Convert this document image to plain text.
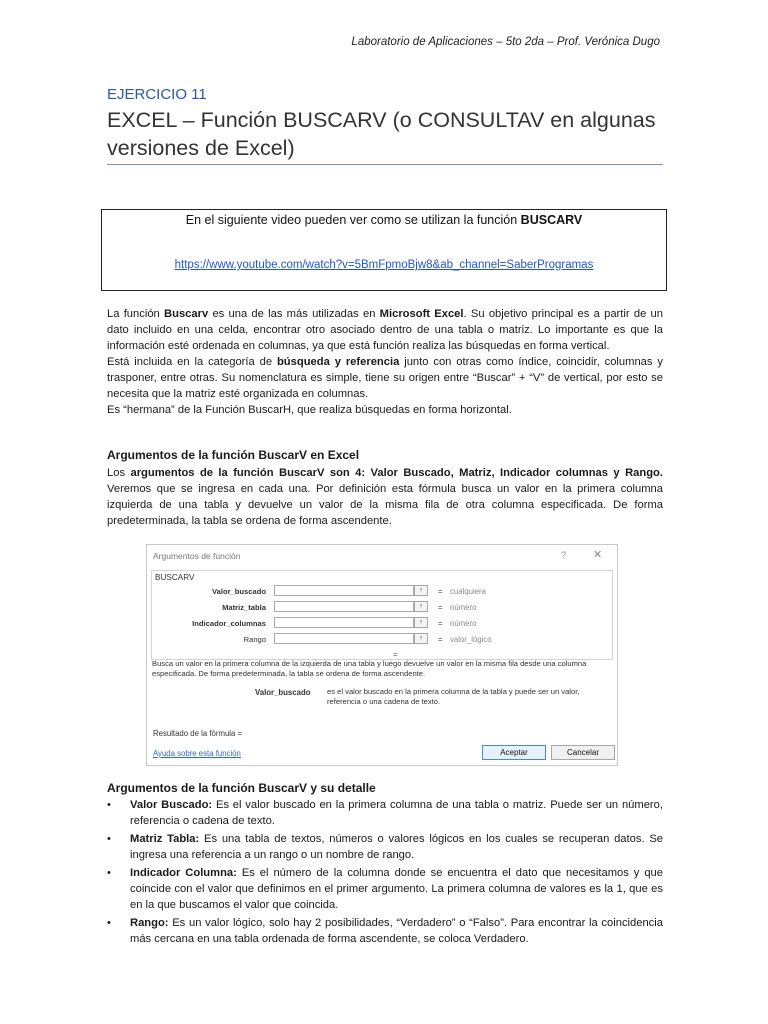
Laboratorio de Aplicaciones – 5to 2da – Prof. Verónica Dugo
EJERCICIO 11
EXCEL – Función BUSCARV (o CONSULTAV en algunas versiones de Excel)
En el siguiente video pueden ver como se utilizan la función BUSCARV
https://www.youtube.com/watch?v=5BmFpmoBjw8&ab_channel=SaberProgramas
La función Buscarv es una de las más utilizadas en Microsoft Excel. Su objetivo principal es a partir de un dato incluido en una celda, encontrar otro asociado dentro de una tabla o matriz. Lo importante es que la información esté ordenada en columnas, ya que está función realiza las búsquedas en forma vertical.
Está incluida en la categoría de búsqueda y referencia junto con otras como índice, coincidir, columnas y trasponer, entre otras. Su nomenclatura es simple, tiene su origen entre “Buscar” + “V” de vertical, por esto se necesita que la matriz esté organizada en columnas.
Es “hermana” de la Función BuscarH, que realiza búsquedas en forma horizontal.
Argumentos de la función BuscarV en Excel
Los argumentos de la función BuscarV son 4: Valor Buscado, Matriz, Indicador columnas y Rango. Veremos que se ingresa en cada una. Por definición esta fórmula busca un valor en la primera columna izquierda de una tabla y devuelve un valor de la misma fila de otra columna especificada. De forma predeterminada, la tabla se ordena de forma ascendente.
Argumentos de función	? ✕
BUSCARV
Valor_buscado	↑	= cualquiera
Matriz_tabla	↑	= número
Indicador_columnas	↑	= número
Rango	↑	= valor_lógico
=
Busca un valor en la primera columna de la izquierda de una tabla y luego devuelve un valor en la misma fila desde una columna especificada. De forma predeterminada, la tabla se ordena de forma ascendente.
Valor_buscado es el valor buscado en la primera columna de la tabla y puede ser un valor, referencia o una cadena de texto.
Resultado de la fórmula =
Ayuda sobre esta función	Aceptar	Cancelar
Argumentos de la función BuscarV y su detalle
• Valor Buscado: Es el valor buscado en la primera columna de una tabla o matriz. Puede ser un número, referencia o cadena de texto.
• Matriz Tabla: Es una tabla de textos, números o valores lógicos en los cuales se recuperan datos. Se ingresa una referencia a un rango o un nombre de rango.
• Indicador Columna: Es el número de la columna donde se encuentra el dato que necesitamos y que coincide con el valor que definimos en el primer argumento. La primera columna de valores es la 1, que es en la que buscamos el valor que coincida.
• Rango: Es un valor lógico, solo hay 2 posibilidades, “Verdadero” o “Falso”. Para encontrar la coincidencia más cercana en una tabla ordenada de forma ascendente, se coloca Verdadero.
